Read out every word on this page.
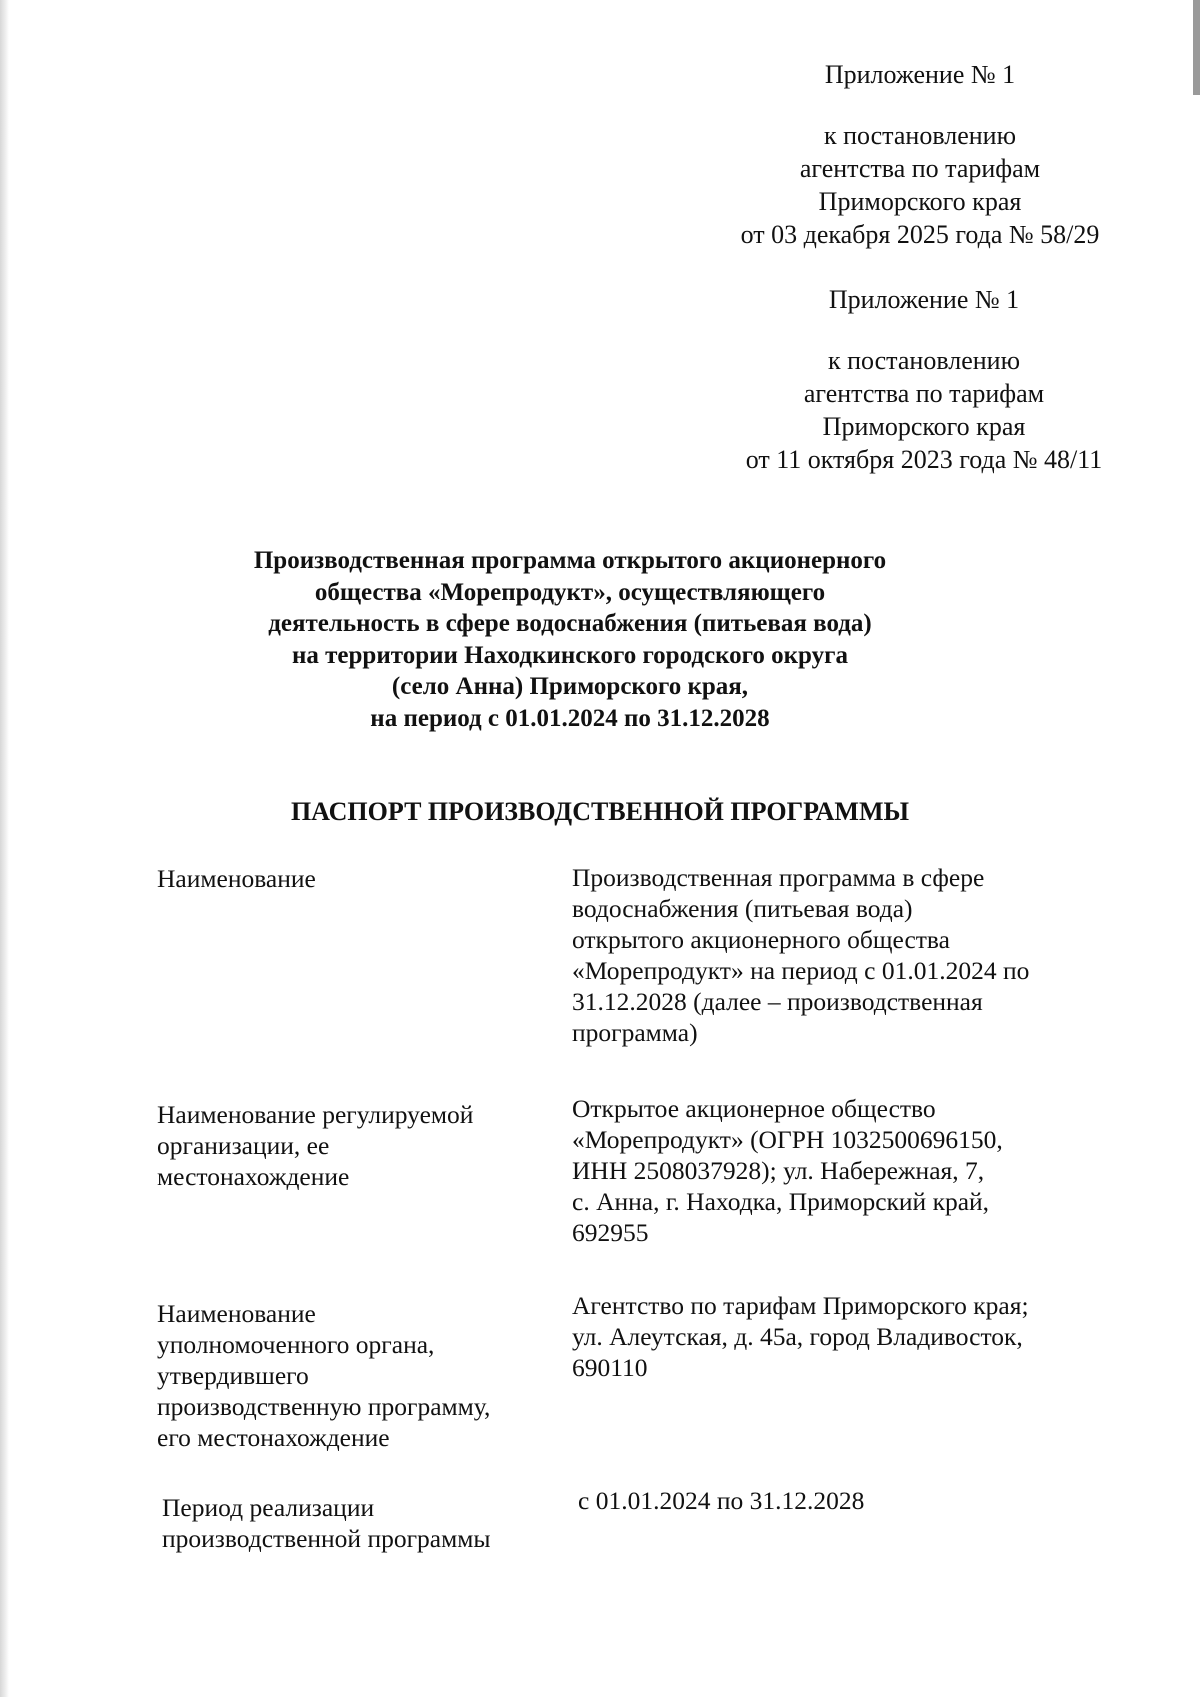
Приложение № 1
к постановлению
агентства по тарифам
Приморского края
от 03 декабря 2025 года № 58/29
Приложение № 1
к постановлению
агентства по тарифам
Приморского края
от 11 октября 2023 года № 48/11
Производственная программа открытого акционерного
общества «Морепродукт», осуществляющего
деятельность в сфере водоснабжения (питьевая вода)
на территории Находкинского городского округа
(село Анна) Приморского края,
на период с 01.01.2024 по 31.12.2028
ПАСПОРТ ПРОИЗВОДСТВЕННОЙ ПРОГРАММЫ
Наименование	Производственная программа в сфере
водоснабжения (питьевая вода)
открытого акционерного общества
«Морепродукт» на период с 01.01.2024 по
31.12.2028 (далее – производственная
программа)
Наименование регулируемой
организации, ее
местонахождение
Открытое акционерное общество
«Морепродукт» (ОГРН 1032500696150,
ИНН 2508037928); ул. Набережная, 7,
с. Анна, г. Находка, Приморский край,
692955
Наименование
уполномоченного органа,
утвердившего
производственную программу,
его местонахождение
Агентство по тарифам Приморского края;
ул. Алеутская, д. 45а, город Владивосток,
690110
Период реализации
производственной программы
с 01.01.2024 по 31.12.2028
